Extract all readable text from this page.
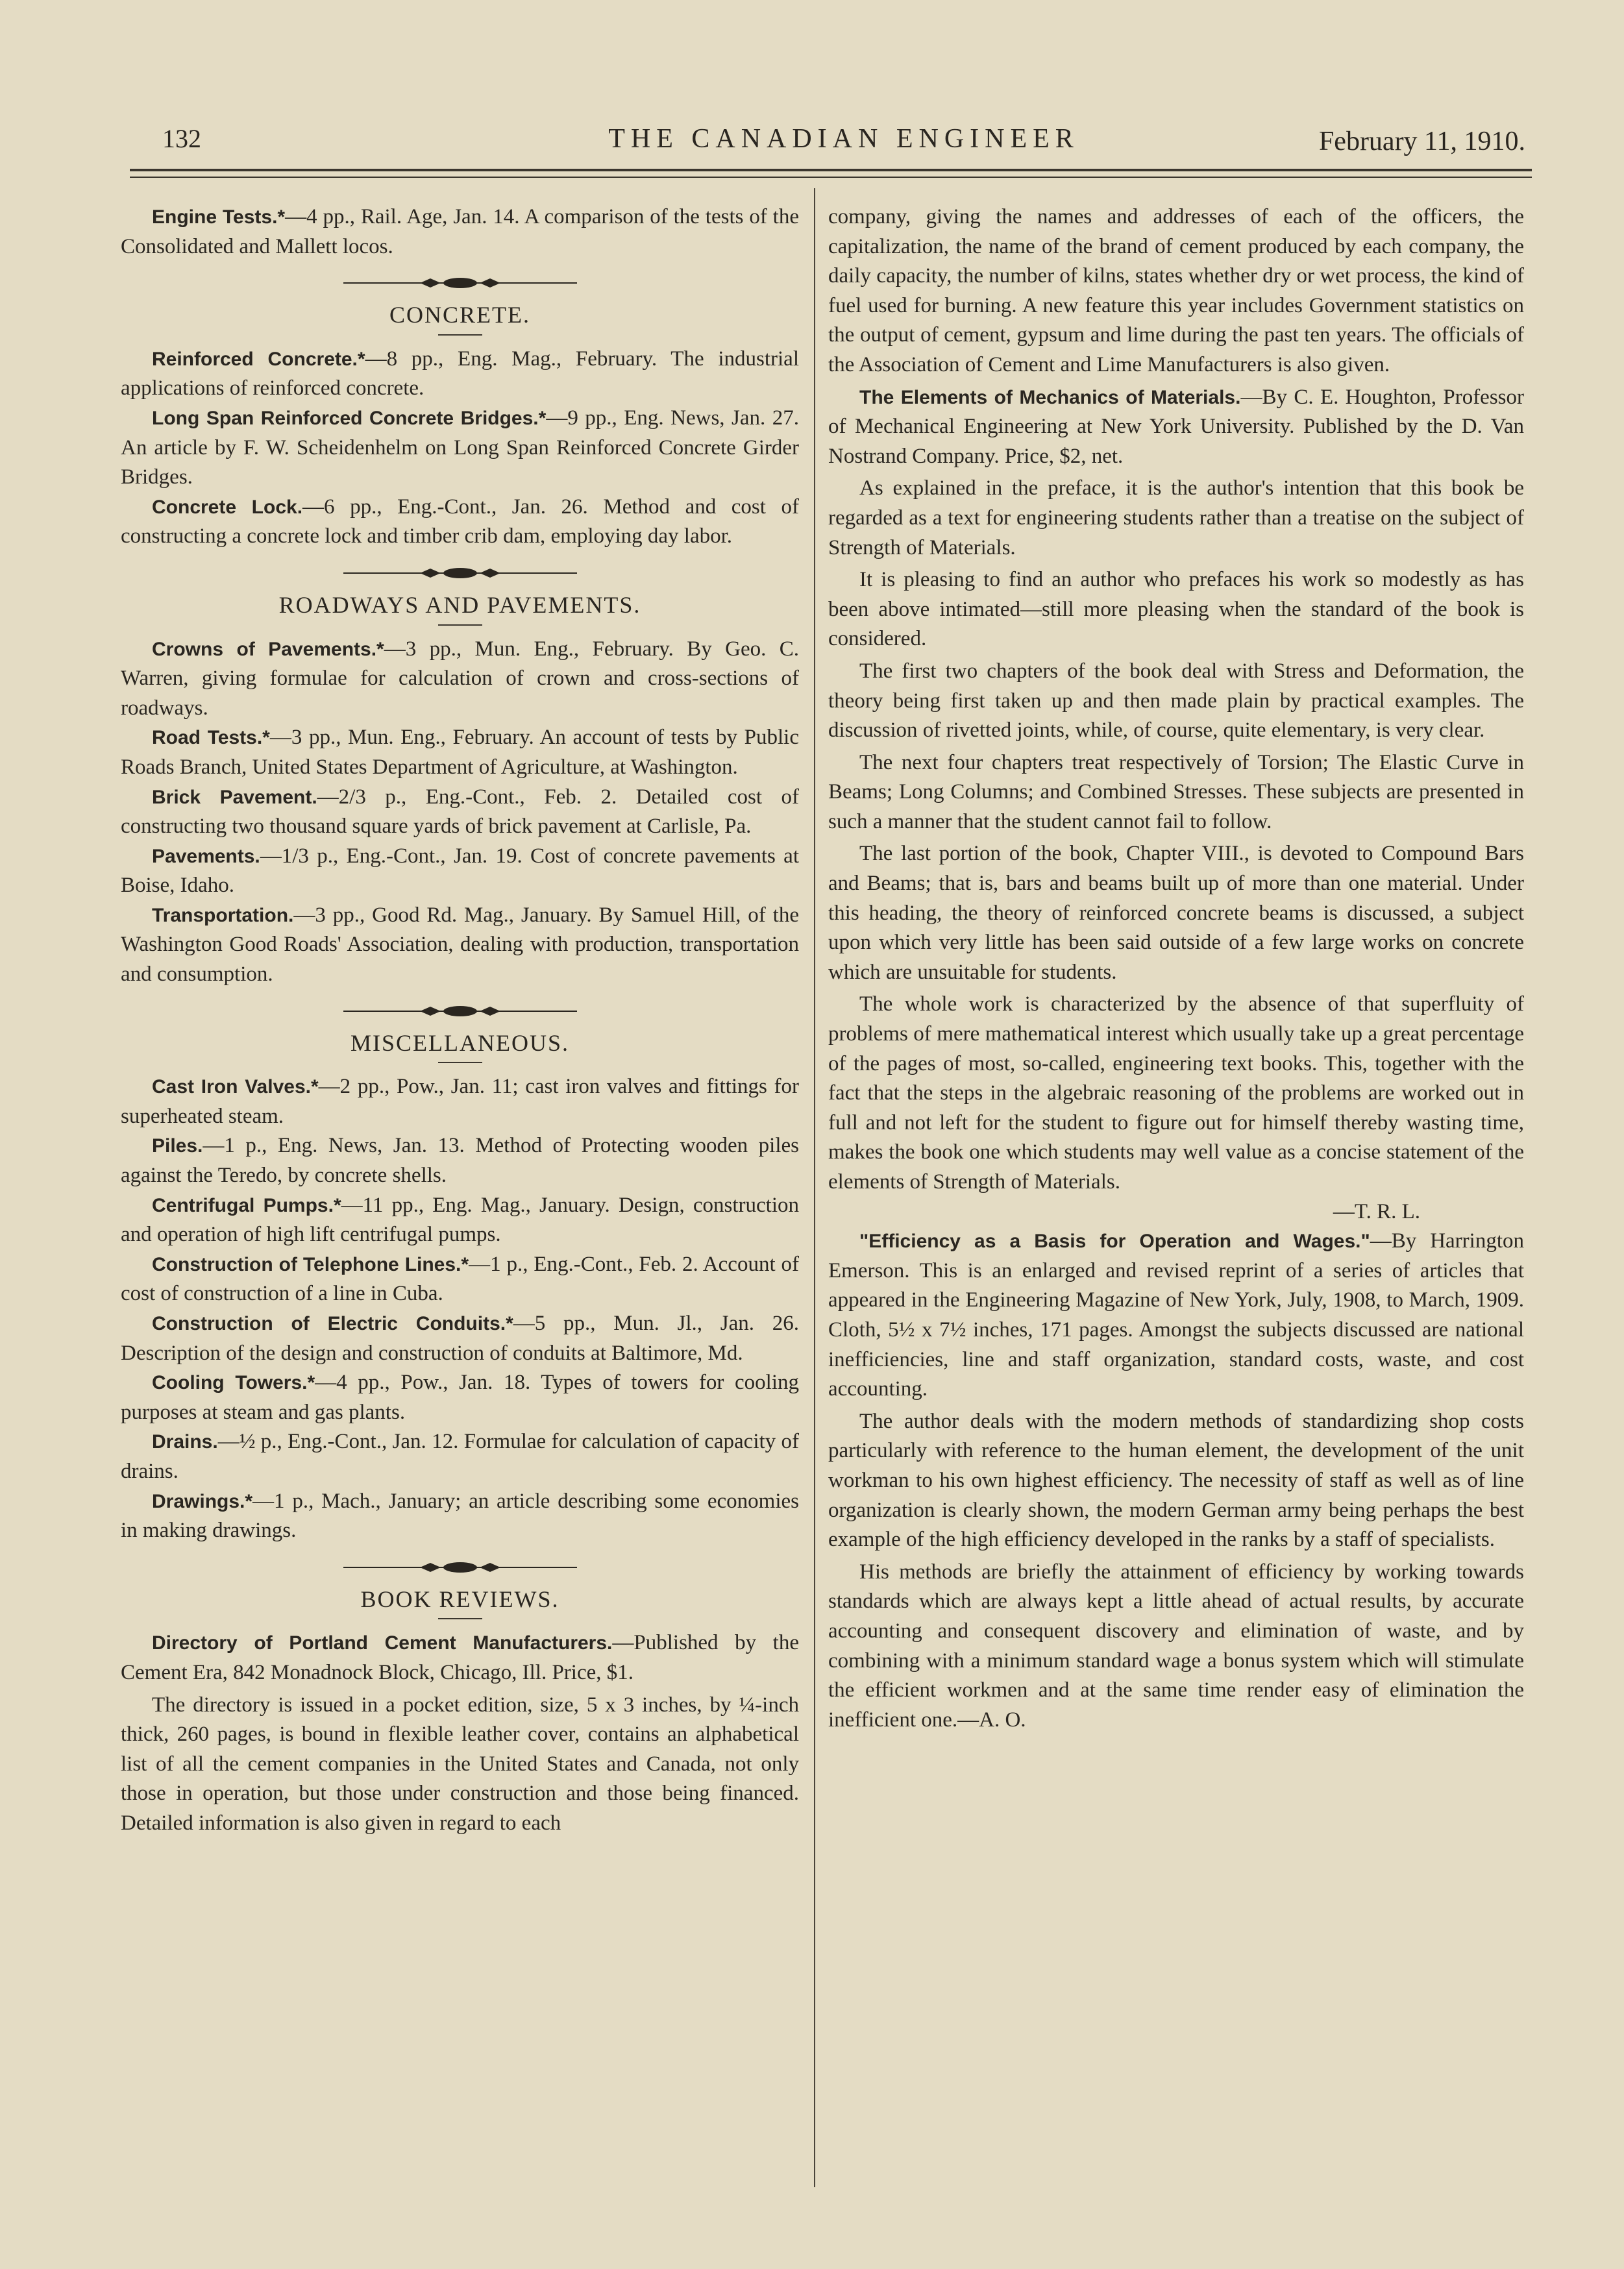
132	THE CANADIAN ENGINEER	February 11, 1910.

Engine Tests.*—4 pp., Rail. Age, Jan. 14. A comparison of the tests of the Consolidated and Mallett locos.

CONCRETE.

Reinforced Concrete.*—8 pp., Eng. Mag., February. The industrial applications of reinforced concrete.

Long Span Reinforced Concrete Bridges.*—9 pp., Eng. News, Jan. 27. An article by F. W. Scheidenhelm on Long Span Reinforced Concrete Girder Bridges.

Concrete Lock.—6 pp., Eng.-Cont., Jan. 26. Method and cost of constructing a concrete lock and timber crib dam, employing day labor.

ROADWAYS AND PAVEMENTS.

Crowns of Pavements.*—3 pp., Mun. Eng., February. By Geo. C. Warren, giving formulae for calculation of crown and cross-sections of roadways.

Road Tests.*—3 pp., Mun. Eng., February. An account of tests by Public Roads Branch, United States Department of Agriculture, at Washington.

Brick Pavement.—2/3 p., Eng.-Cont., Feb. 2. Detailed cost of constructing two thousand square yards of brick pavement at Carlisle, Pa.

Pavements.—1/3 p., Eng.-Cont., Jan. 19. Cost of concrete pavements at Boise, Idaho.

Transportation.—3 pp., Good Rd. Mag., January. By Samuel Hill, of the Washington Good Roads' Association, dealing with production, transportation and consumption.

MISCELLANEOUS.

Cast Iron Valves.*—2 pp., Pow., Jan. 11; cast iron valves and fittings for superheated steam.

Piles.—1 p., Eng. News, Jan. 13. Method of Protecting wooden piles against the Teredo, by concrete shells.

Centrifugal Pumps.*—11 pp., Eng. Mag., January. Design, construction and operation of high lift centrifugal pumps.

Construction of Telephone Lines.*—1 p., Eng.-Cont., Feb. 2. Account of cost of construction of a line in Cuba.

Construction of Electric Conduits.*—5 pp., Mun. Jl., Jan. 26. Description of the design and construction of conduits at Baltimore, Md.

Cooling Towers.*—4 pp., Pow., Jan. 18. Types of towers for cooling purposes at steam and gas plants.

Drains.—½ p., Eng.-Cont., Jan. 12. Formulae for calculation of capacity of drains.

Drawings.*—1 p., Mach., January; an article describing some economies in making drawings.

BOOK REVIEWS.

Directory of Portland Cement Manufacturers.—Published by the Cement Era, 842 Monadnock Block, Chicago, Ill. Price, $1.

The directory is issued in a pocket edition, size, 5 x 3 inches, by ¼-inch thick, 260 pages, is bound in flexible leather cover, contains an alphabetical list of all the cement companies in the United States and Canada, not only those in operation, but those under construction and those being financed. Detailed information is also given in regard to each

company, giving the names and addresses of each of the officers, the capitalization, the name of the brand of cement produced by each company, the daily capacity, the number of kilns, states whether dry or wet process, the kind of fuel used for burning. A new feature this year includes Government statistics on the output of cement, gypsum and lime during the past ten years. The officials of the Association of Cement and Lime Manufacturers is also given.

The Elements of Mechanics of Materials.—By C. E. Houghton, Professor of Mechanical Engineering at New York University. Published by the D. Van Nostrand Company. Price, $2, net.

As explained in the preface, it is the author's intention that this book be regarded as a text for engineering students rather than a treatise on the subject of Strength of Materials.

It is pleasing to find an author who prefaces his work so modestly as has been above intimated—still more pleasing when the standard of the book is considered.

The first two chapters of the book deal with Stress and Deformation, the theory being first taken up and then made plain by practical examples. The discussion of rivetted joints, while, of course, quite elementary, is very clear.

The next four chapters treat respectively of Torsion; The Elastic Curve in Beams; Long Columns; and Combined Stresses. These subjects are presented in such a manner that the student cannot fail to follow.

The last portion of the book, Chapter VIII., is devoted to Compound Bars and Beams; that is, bars and beams built up of more than one material. Under this heading, the theory of reinforced concrete beams is discussed, a subject upon which very little has been said outside of a few large works on concrete which are unsuitable for students.

The whole work is characterized by the absence of that superfluity of problems of mere mathematical interest which usually take up a great percentage of the pages of most, so-called, engineering text books. This, together with the fact that the steps in the algebraic reasoning of the problems are worked out in full and not left for the student to figure out for himself thereby wasting time, makes the book one which students may well value as a concise statement of the elements of Strength of Materials.

—T. R. L.

"Efficiency as a Basis for Operation and Wages."—By Harrington Emerson. This is an enlarged and revised reprint of a series of articles that appeared in the Engineering Magazine of New York, July, 1908, to March, 1909. Cloth, 5½ x 7½ inches, 171 pages. Amongst the subjects discussed are national inefficiencies, line and staff organization, standard costs, waste, and cost accounting.

The author deals with the modern methods of standardizing shop costs particularly with reference to the human element, the development of the unit workman to his own highest efficiency. The necessity of staff as well as of line organization is clearly shown, the modern German army being perhaps the best example of the high efficiency developed in the ranks by a staff of specialists.

His methods are briefly the attainment of efficiency by working towards standards which are always kept a little ahead of actual results, by accurate accounting and consequent discovery and elimination of waste, and by combining with a minimum standard wage a bonus system which will stimulate the efficient workmen and at the same time render easy of elimination the inefficient one.—A. O.
